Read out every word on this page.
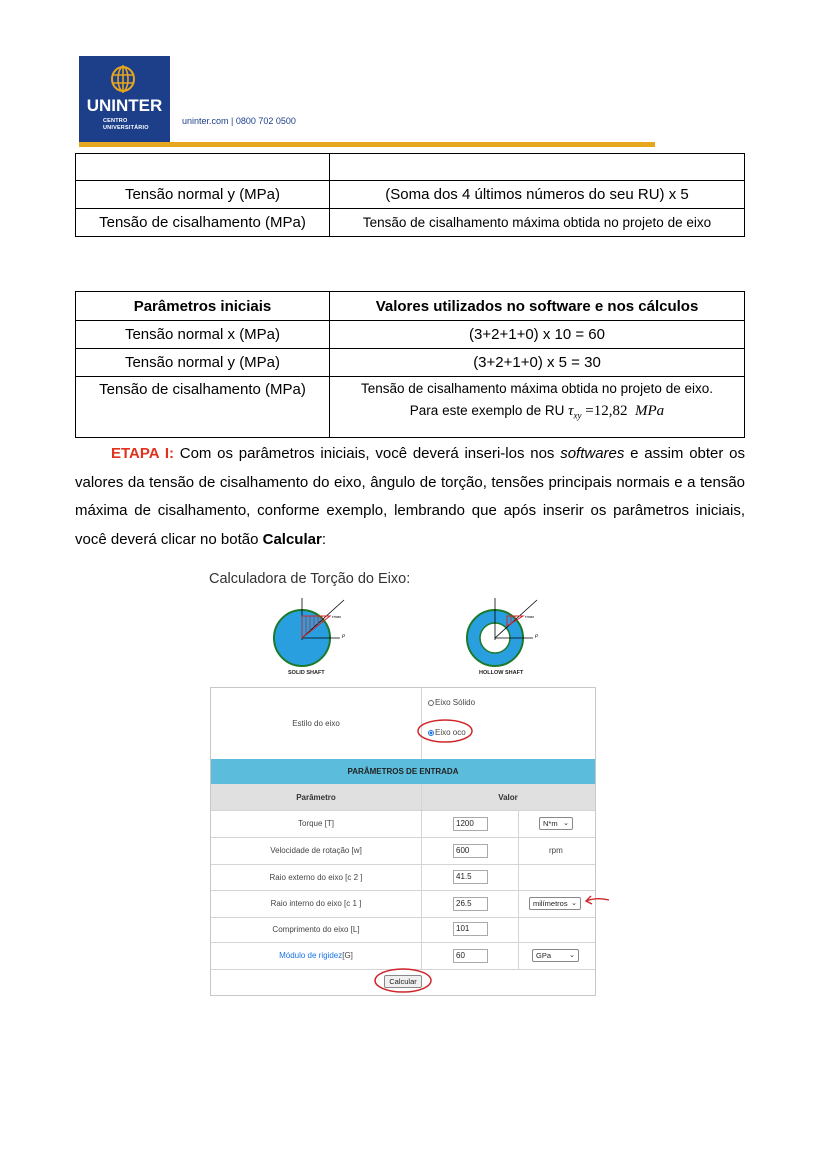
UNINTER
CENTRO
UNIVERSITÁRIO
uninter.com | 0800 702 0500

Tensão normal y (MPa)	(Soma dos 4 últimos números do seu RU) x 5
Tensão de cisalhamento (MPa)	Tensão de cisalhamento máxima obtida no projeto de eixo
Parâmetros iniciais	Valores utilizados no software e nos cálculos
Tensão normal x (MPa)	(3+2+1+0) x 10 = 60
Tensão normal y (MPa)	(3+2+1+0) x 5 = 30
Tensão de cisalhamento (MPa)	Tensão de cisalhamento máxima obtida no projeto de eixo.
Para este exemplo de RU $\tau_{xy} =12,82$ MPa
ETAPA I: Com os parâmetros iniciais, você deverá inseri-los nos softwares e assim obter os valores da tensão de cisalhamento do eixo, ângulo de torção, tensões principais normais e a tensão máxima de cisalhamento, conforme exemplo, lembrando que após inserir os parâmetros iniciais, você deverá clicar no botão Calcular:
Calculadora de Torção do Eixo:
τmax
ρ
SOLID SHAFT
τmax
ρ
HOLLOW SHAFT
Estilo do eixo
Eixo Sólido
Eixo oco
PARÂMETROS DE ENTRADA
Parâmetro	Valor
Torque [T]	1200	N*m ⌄
Velocidade de rotação [w]	600	rpm
Raio externo do eixo [c 2 ]	41.5
Raio interno do eixo [c 1 ]	26.5	milímetros ⌄
Comprimento do eixo [L]	101
Módulo de rigidez [G]	60	GPa	⌄
Calcular
